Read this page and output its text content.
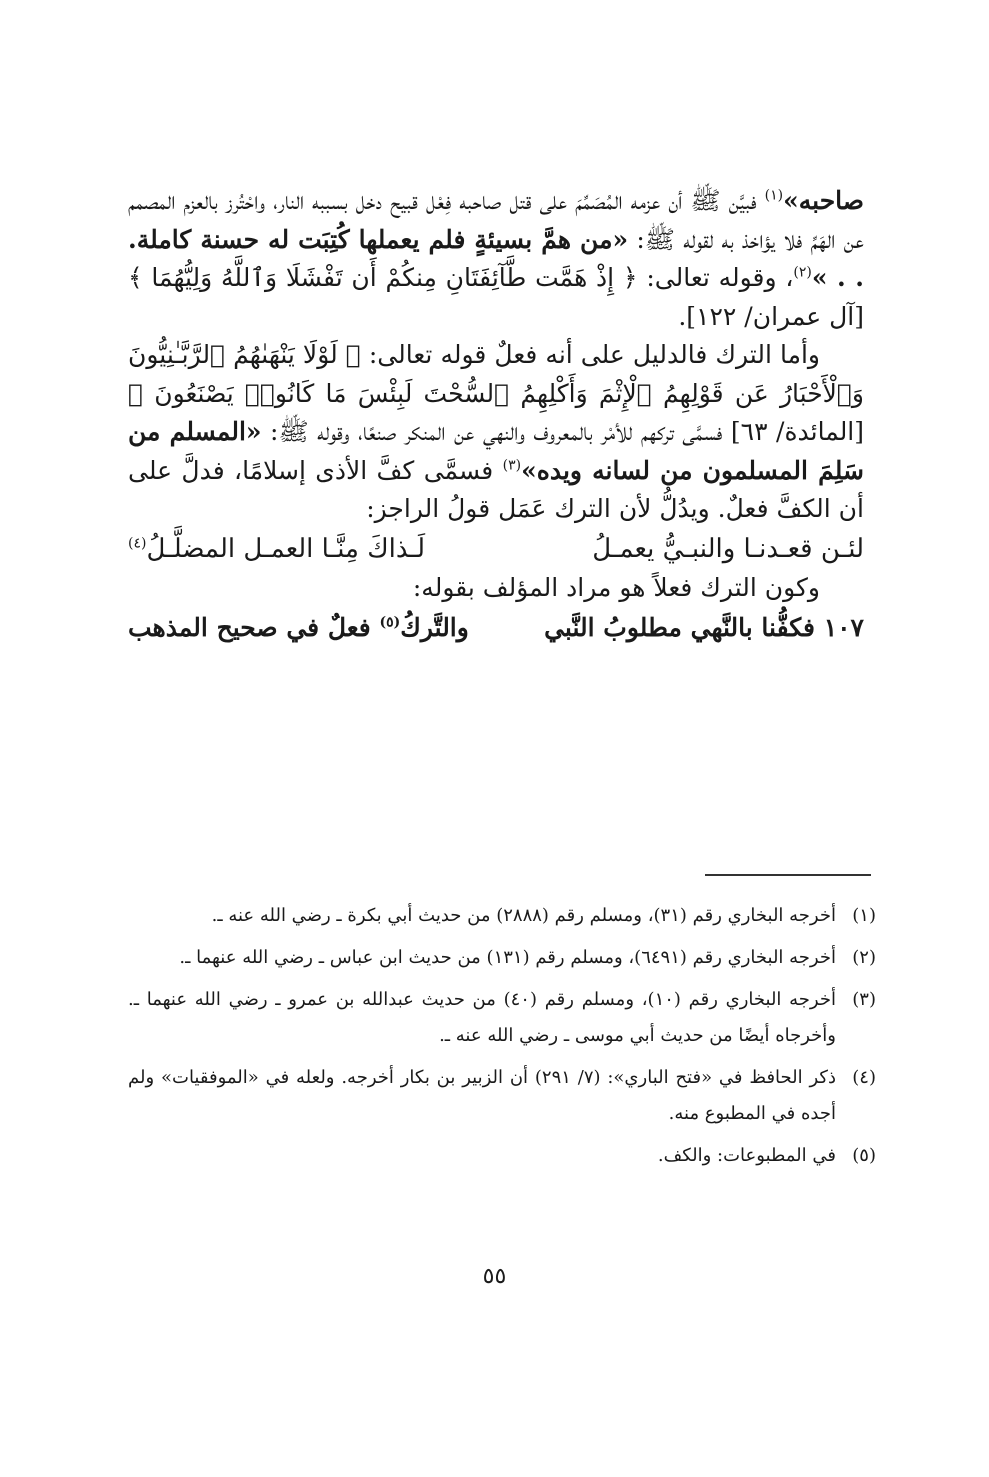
صاحبه»$^{(١)}$ فبيَّن ﷺ أن عزمه المُصَمِّمَ على قتل صاحبه فِعْل قبيح دخل بسببه النار، واحْتُرز بالعزم المصمم عن الهَمِّ فلا يؤاخذ به لقوله ﷺ: «من همَّ بسيئةٍ فلم يعملها كُتِبَت له حسنة كاملة. . . »$^{(٢)}$، وقوله تعالى: ﴿ إِذْ هَمَّت طَّآئِفَتَانِ مِنكُمْ أَن تَفْشَلَا وَٱللَّهُ وَلِيُّهُمَا ﴾ [آل عمران/ ١٢٢].

وأما الترك فالدليل على أنه فعلٌ قوله تعالى: ﴿ لَوْلَا يَنْهَىٰهُمُ ٱلرَّبَّـٰنِيُّونَ وَٱلْأَحْبَارُ عَن قَوْلِهِمُ ٱلْإِثْمَ وَأَكْلِهِمُ ٱلسُّحْتَ لَبِئْسَ مَا كَانُوا۟ يَصْنَعُونَ ﴾ [المائدة/ ٦٣] فسمَّى تركهم للأمْر بالمعروف والنهي عن المنكر صنعًا، وقوله ﷺ: «المسلم من سَلِمَ المسلمون من لسانه ويده»$^{(٣)}$ فسمَّى كفَّ الأذى إسلامًا، فدلَّ على أن الكفَّ فعلٌ. ويدُلُّ لأن الترك عَمَل قولُ الراجز:

لئـن قعـدنـا والنبـيُّ يعمـلُ
لَـذاكَ مِنَّـا العمـل المضلَّـلُ$^{(٤)}$

وكون الترك فعلاً هو مراد المؤلف بقوله:

١٠٧ فكفُّنا بالنَّهي مطلوبُ النَّبي
والتَّركُ$^{(٥)}$ فعلٌ في صحيح المذهب
(١)
أخرجه البخاري رقم (٣١)، ومسلم رقم (٢٨٨٨) من حديث أبي بكرة ـ رضي الله عنه ـ.
(٢)
أخرجه البخاري رقم (٦٤٩١)، ومسلم رقم (١٣١) من حديث ابن عباس ـ رضي الله عنهما ـ.
(٣)
أخرجه البخاري رقم (١٠)، ومسلم رقم (٤٠) من حديث عبدالله بن عمرو ـ رضي الله عنهما ـ. وأخرجاه أيضًا من حديث أبي موسى ـ رضي الله عنه ـ.
(٤)
ذكر الحافظ في «فتح الباري»: (٧/ ٢٩١) أن الزبير بن بكار أخرجه. ولعله في «الموفقيات» ولم أجده في المطبوع منه.
(٥)
في المطبوعات: والكف.
٥٥
